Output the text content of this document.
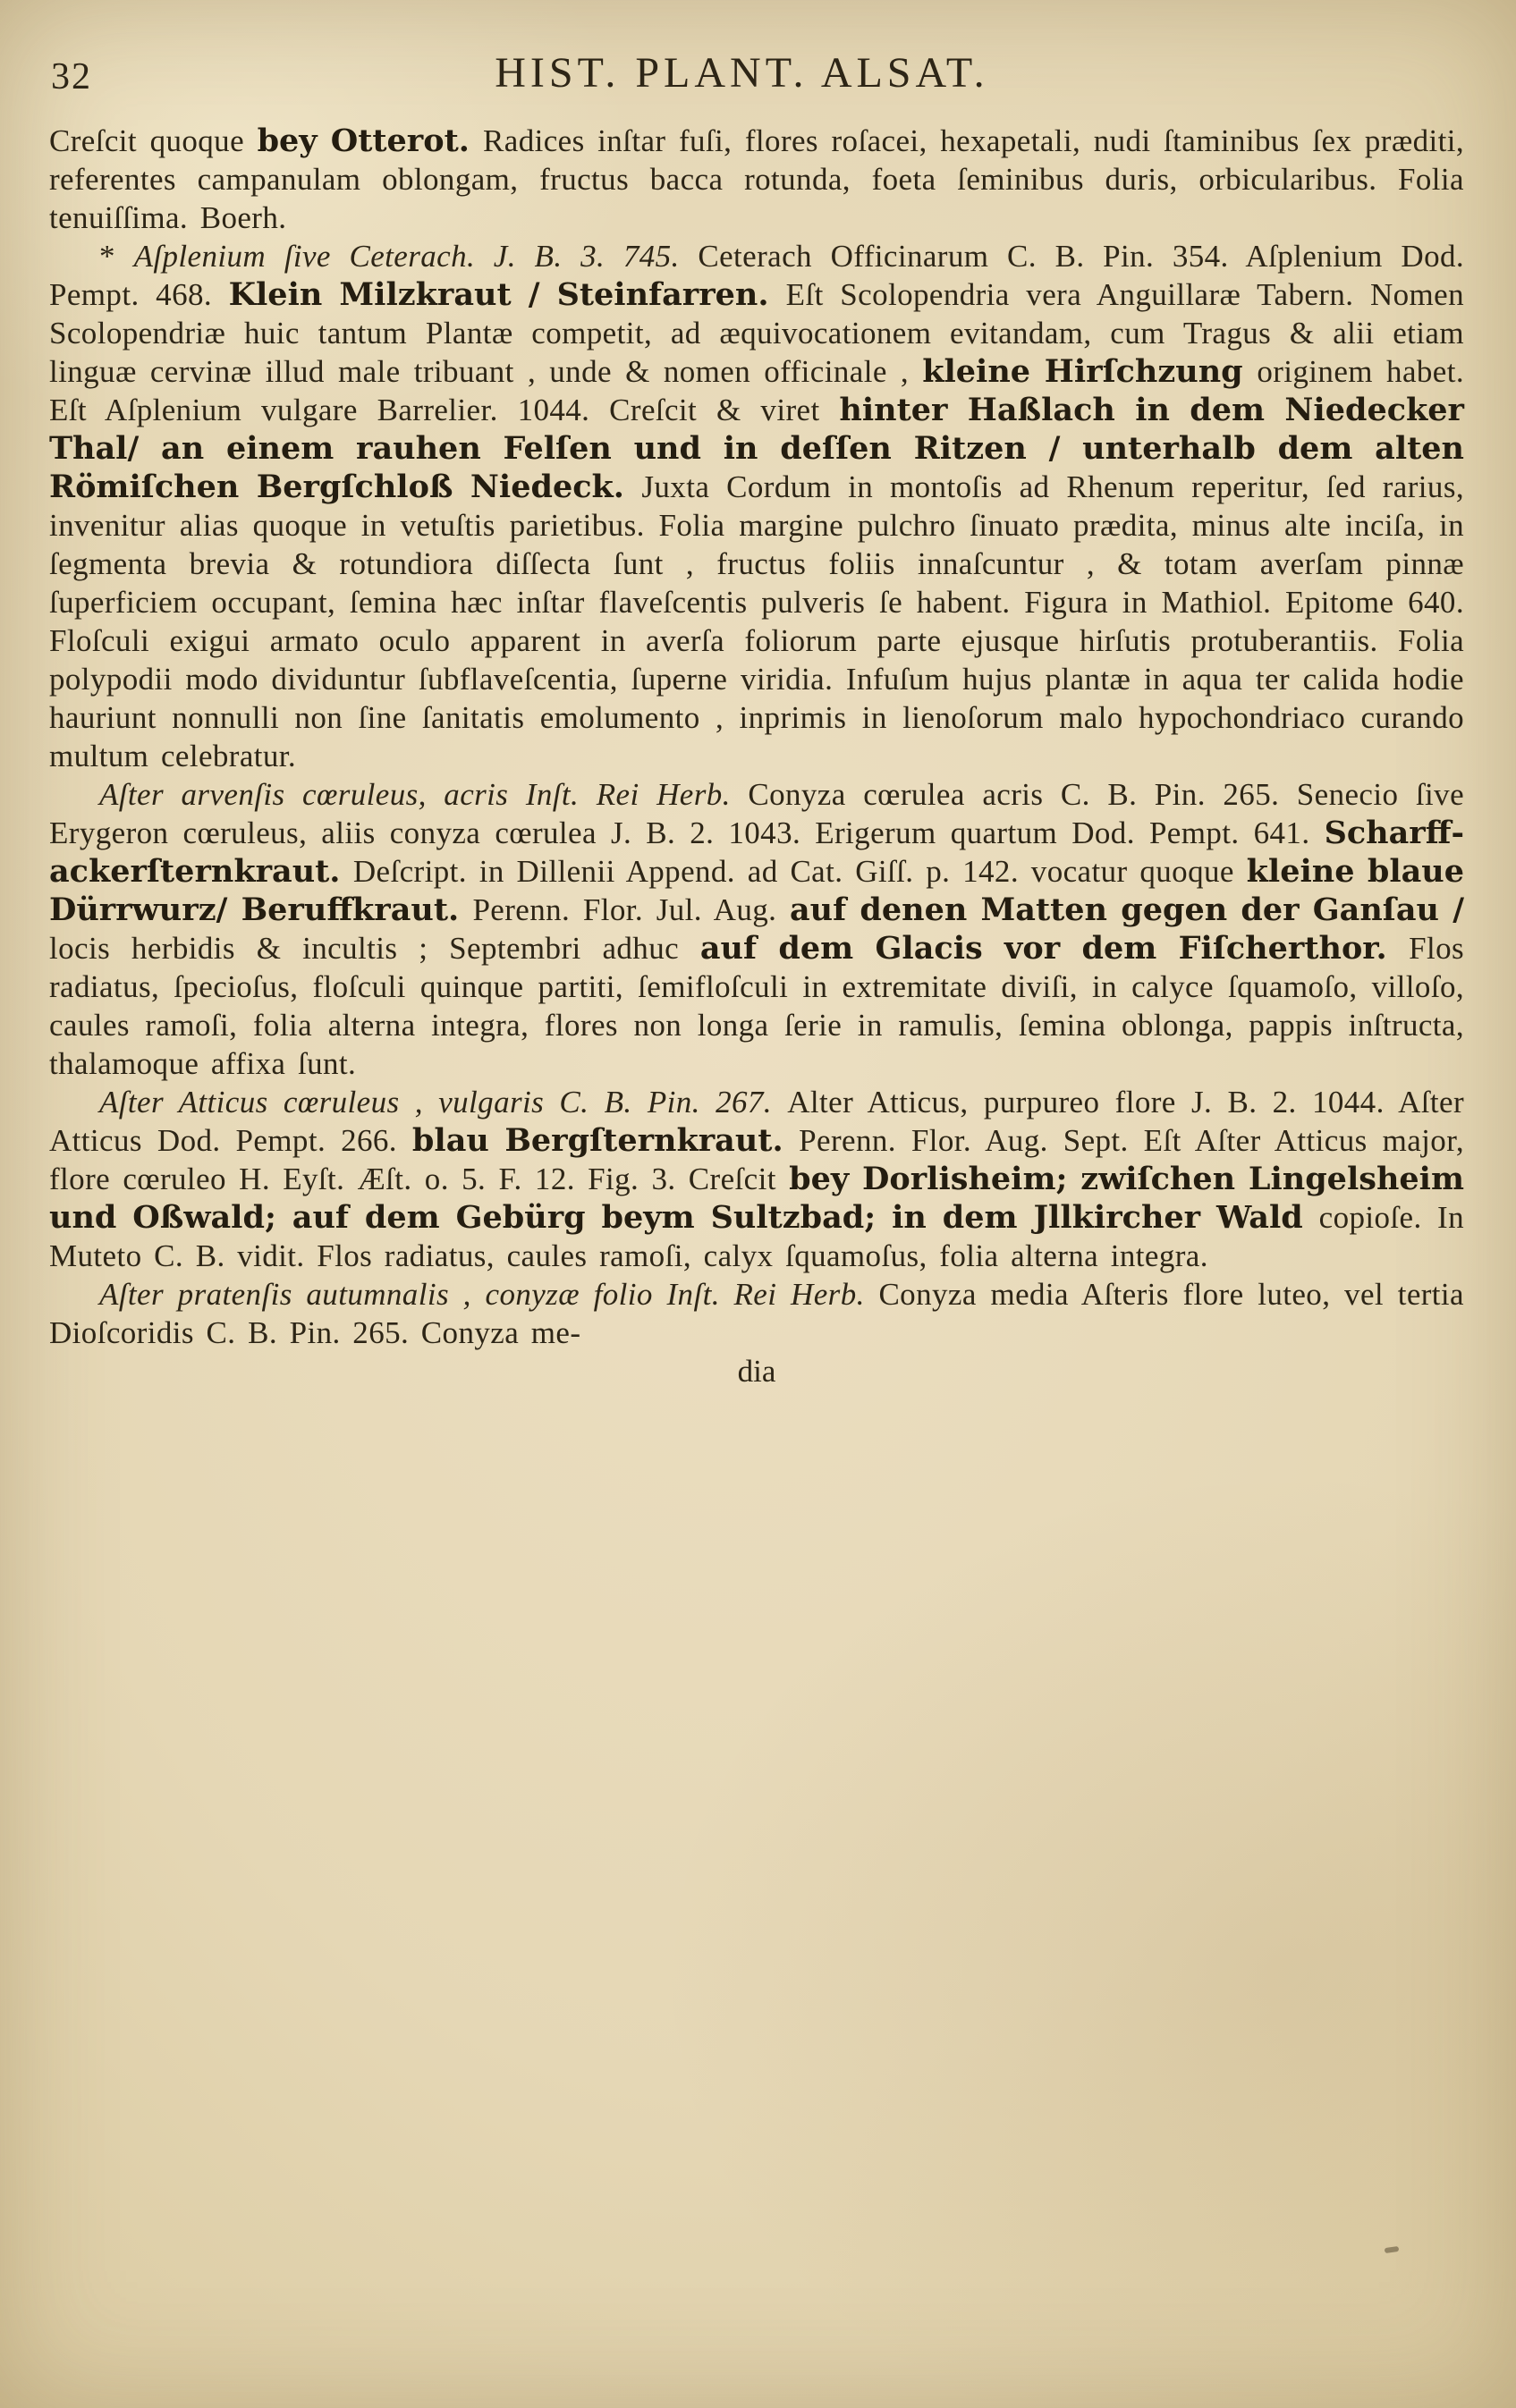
32	HIST. PLANT. ALSAT.

Creſcit quoque bey Otterot. Radices inſtar fuſi, flores roſacei, hexapetali, nudi ſtaminibus ſex præditi, referentes campanulam oblongam, fructus bacca rotunda, foeta ſeminibus duris, orbicularibus. Folia tenuiſſima. Boerh.

* Aſplenium ſive Ceterach. J. B. 3. 745. Ceterach Officinarum C. B. Pin. 354. Aſplenium Dod. Pempt. 468. Klein Milzkraut / Steinfarren. Eſt Scolopendria vera Anguillaræ Tabern. Nomen Scolopendriæ huic tantum Plantæ competit, ad æquivocationem evitandam, cum Tragus & alii etiam linguæ cervinæ illud male tribuant , unde & nomen officinale , kleine Hirſchzung originem habet. Eſt Aſplenium vulgare Barrelier. 1044. Creſcit & viret hinter Haßlach in dem Niedecker Thal/ an einem rauhen Felſen und in deſſen Ritzen / unterhalb dem alten Römiſchen Bergſchloß Niedeck. Juxta Cordum in montoſis ad Rhenum reperitur, ſed rarius, invenitur alias quoque in vetuſtis parietibus. Folia margine pulchro ſinuato prædita, minus alte inciſa, in ſegmenta brevia & rotundiora diſſecta ſunt , fructus foliis innaſcuntur , & totam averſam pinnæ ſuperficiem occupant, ſemina hæc inſtar flaveſcentis pulveris ſe habent. Figura in Mathiol. Epitome 640. Floſculi exigui armato oculo apparent in averſa foliorum parte ejusque hirſutis protuberantiis. Folia polypodii modo dividuntur ſubflaveſcentia, ſuperne viridia. Infuſum hujus plantæ in aqua ter calida hodie hauriunt nonnulli non ſine ſanitatis emolumento , inprimis in lienoſorum malo hypochondriaco curando multum celebratur.

Aſter arvenſis cœruleus, acris Inſt. Rei Herb. Conyza cœrulea acris C. B. Pin. 265. Senecio ſive Erygeron cœruleus, aliis conyza cœrulea J. B. 2. 1043. Erigerum quartum Dod. Pempt. 641. Scharff-ackerſternkraut. Deſcript. in Dillenii Append. ad Cat. Giſſ. p. 142. vocatur quoque kleine blaue Dürrwurz/ Beruffkraut. Perenn. Flor. Jul. Aug. auf denen Matten gegen der Ganſau / locis herbidis & incultis ; Septembri adhuc auf dem Glacis vor dem Fiſcherthor. Flos radiatus, ſpecioſus, floſculi quinque partiti, ſemifloſculi in extremitate diviſi, in calyce ſquamoſo, villoſo, caules ramoſi, folia alterna integra, flores non longa ſerie in ramulis, ſemina oblonga, pappis inſtructa, thalamoque affixa ſunt.

Aſter Atticus cœruleus , vulgaris C. B. Pin. 267. Alter Atticus, purpureo flore J. B. 2. 1044. Aſter Atticus Dod. Pempt. 266. blau Bergſternkraut. Perenn. Flor. Aug. Sept. Eſt Aſter Atticus major, flore cœruleo H. Eyſt. Æſt. o. 5. F. 12. Fig. 3. Creſcit bey Dorlisheim; zwiſchen Lingelsheim und Oßwald; auf dem Gebürg beym Sultzbad; in dem Jllkircher Wald copioſe. In Muteto C. B. vidit. Flos radiatus, caules ramoſi, calyx ſquamoſus, folia alterna integra.

Aſter pratenſis autumnalis , conyzæ folio Inſt. Rei Herb. Conyza media Aſteris flore luteo, vel tertia Dioſcoridis C. B. Pin. 265. Conyza me-

dia
